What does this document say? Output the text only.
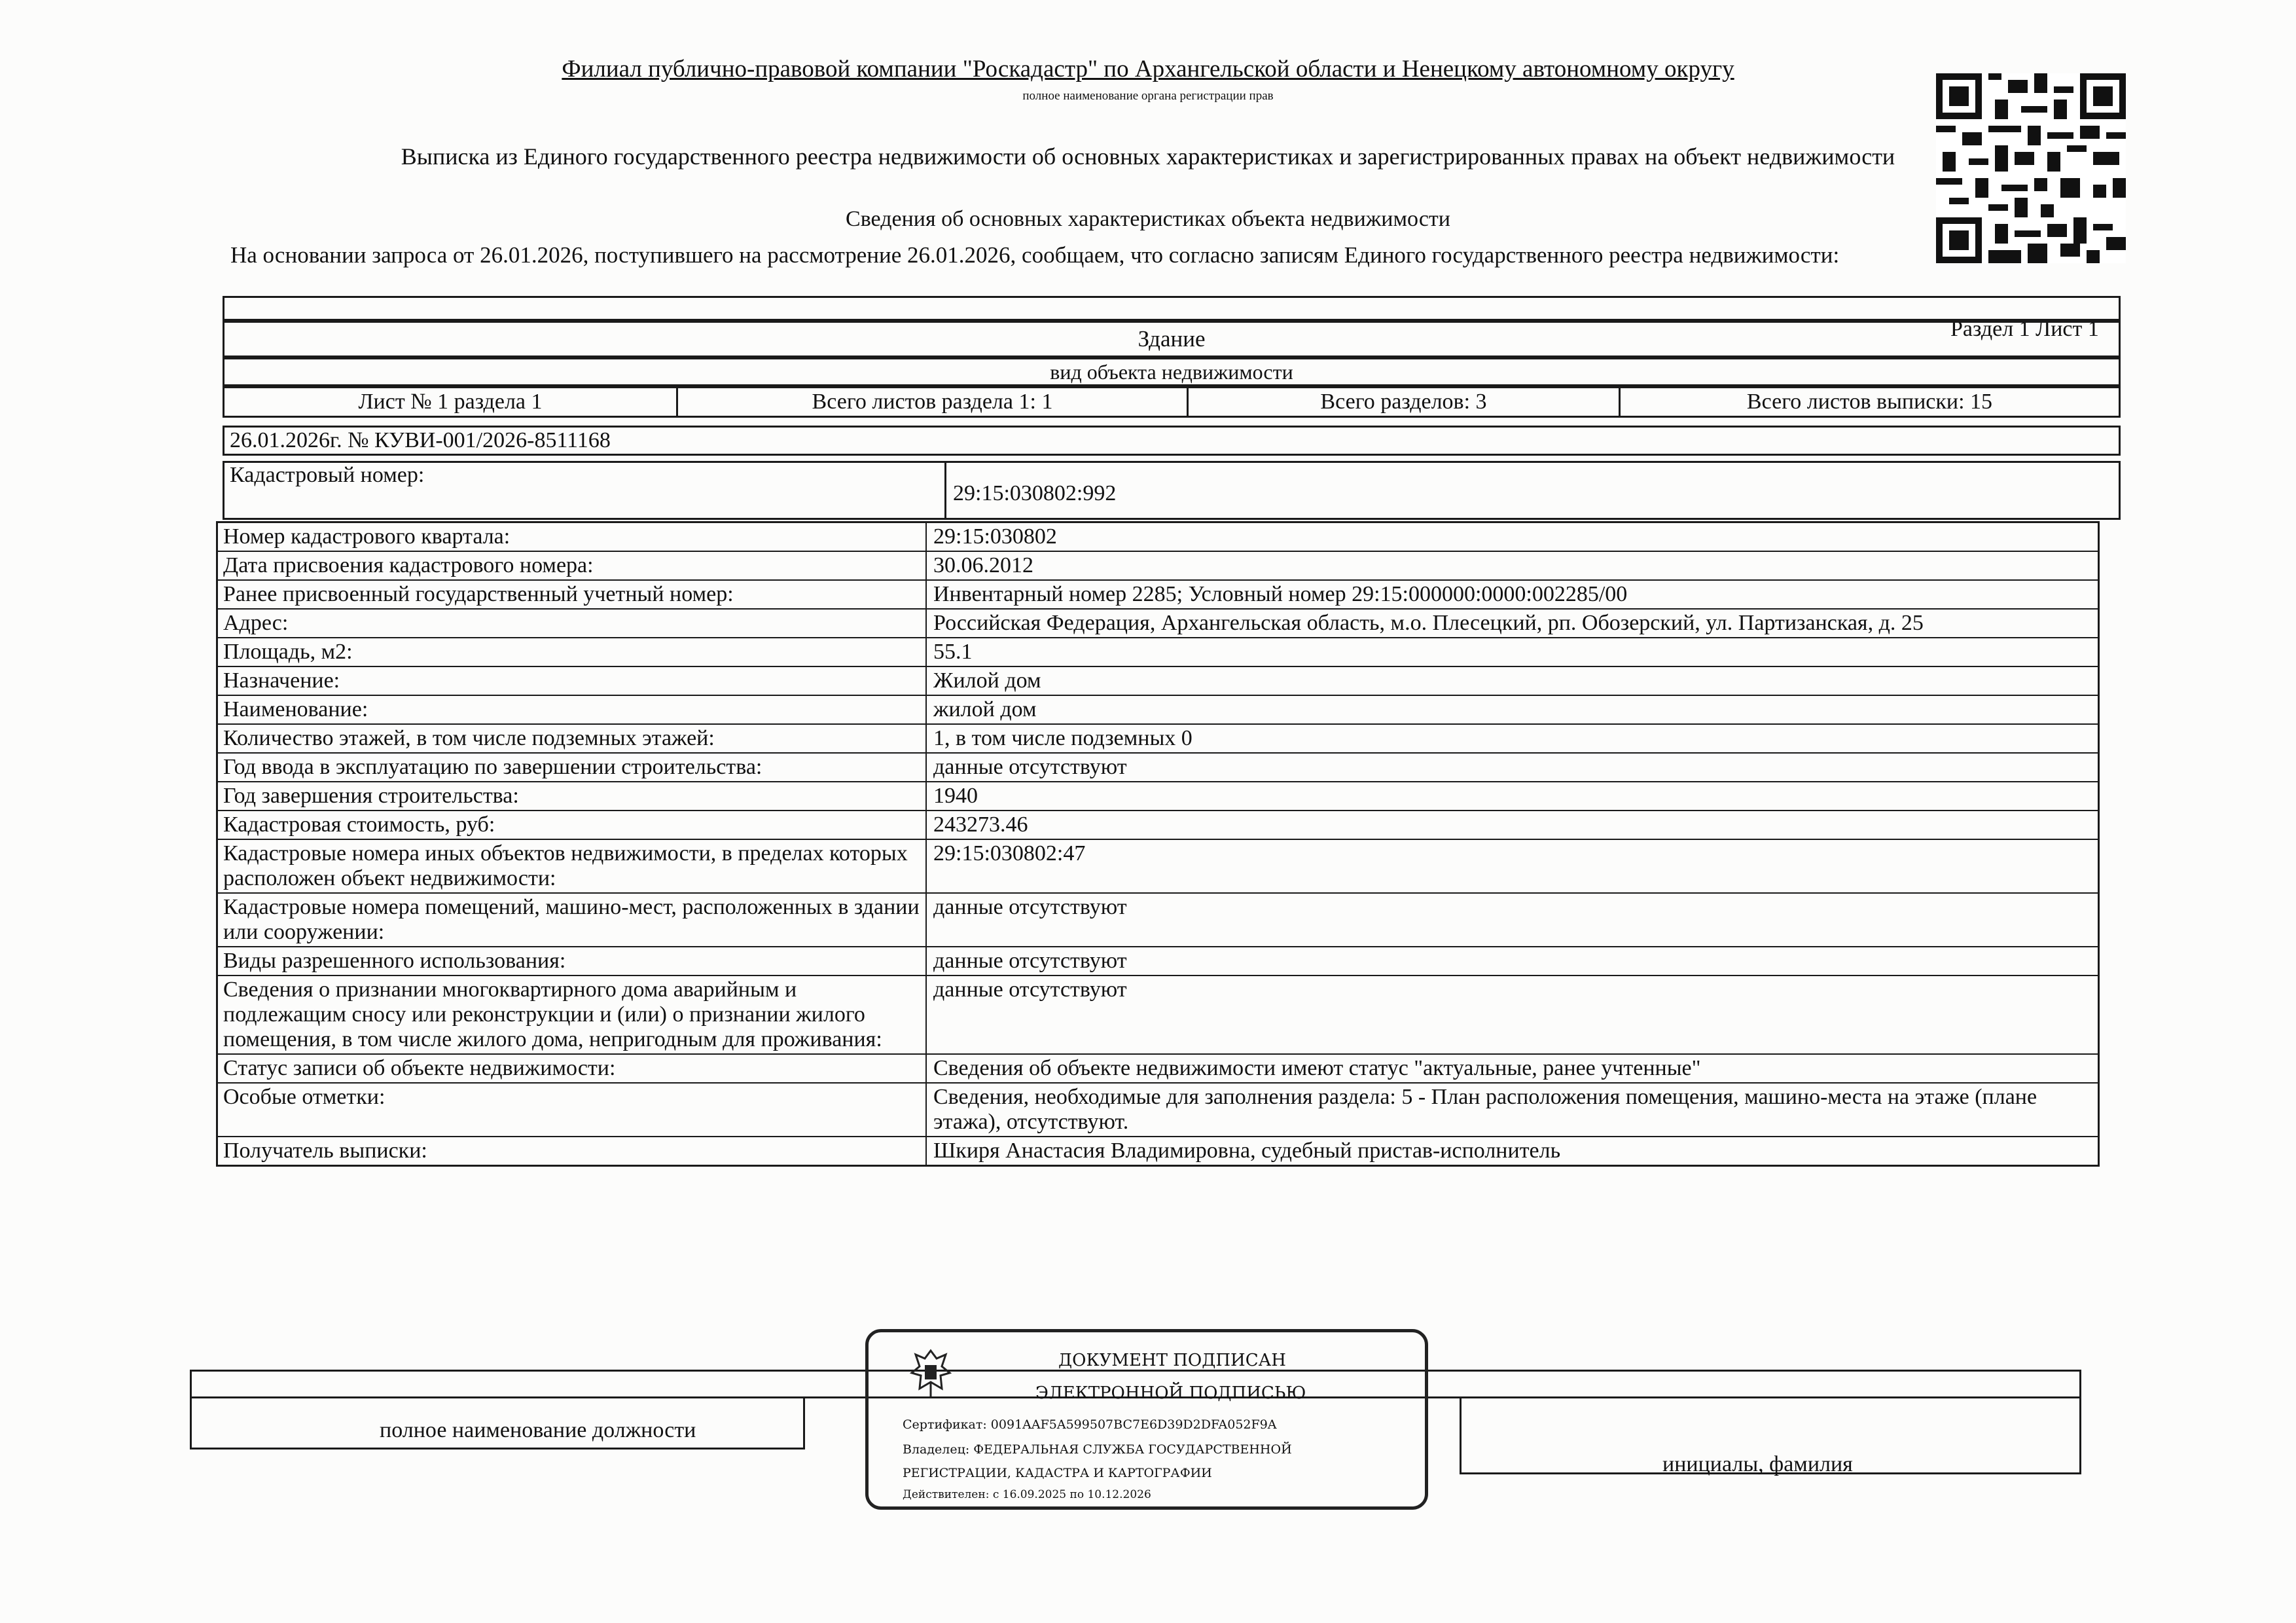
Филиал публично-правовой компании "Роскадастр" по Архангельской области и Ненецкому автономному округу
полное наименование органа регистрации прав
Выписка из Единого государственного реестра недвижимости об основных характеристиках и зарегистрированных правах на объект недвижимости
Сведения об основных характеристиках объекта недвижимости
На основании запроса от 26.01.2026, поступившего на рассмотрение 26.01.2026, сообщаем, что согласно записям Единого государственного реестра недвижимости:
Раздел 1 Лист 1
Здание
вид объекта недвижимости
Лист № 1 раздела 1	Всего листов раздела 1: 1	Всего разделов: 3	Всего листов выписки: 15
26.01.2026г. № КУВИ-001/2026-8511168
Кадастровый номер:
29:15:030802:992
Номер кадастрового квартала:	29:15:030802
Дата присвоения кадастрового номера:	30.06.2012
Ранее присвоенный государственный учетный номер:	Инвентарный номер 2285; Условный номер 29:15:000000:0000:002285/00
Адрес:	Российская Федерация, Архангельская область, м.о. Плесецкий, рп. Обозерский, ул. Партизанская, д. 25
Площадь, м2:	55.1
Назначение:	Жилой дом
Наименование:	жилой дом
Количество этажей, в том числе подземных этажей:	1, в том числе подземных 0
Год ввода в эксплуатацию по завершении строительства:	данные отсутствуют
Год завершения строительства:	1940
Кадастровая стоимость, руб:	243273.46
Кадастровые номера иных объектов недвижимости, в пределах которых расположен объект недвижимости:
29:15:030802:47
Кадастровые номера помещений, машино-мест, расположенных в здании или сооружении:
данные отсутствуют
Виды разрешенного использования:	данные отсутствуют
Сведения о признании многоквартирного дома аварийным и подлежащим сносу или реконструкции и (или) о признании жилого помещения, в том числе жилого дома, непригодным для проживания:
данные отсутствуют
Статус записи об объекте недвижимости:	Сведения об объекте недвижимости имеют статус "актуальные, ранее учтенные"
Особые отметки:	Сведения, необходимые для заполнения раздела: 5 - План расположения помещения, машино-места на этаже (плане этажа), отсутствуют.
Получатель выписки:	Шкиря Анастасия Владимировна, судебный пристав-исполнитель
полное наименование должности
инициалы, фамилия
ДОКУМЕНТ ПОДПИСАН
ЭЛЕКТРОННОЙ ПОДПИСЬЮ
Сертификат: 0091AAF5A599507BC7E6D39D2DFA052F9A
Владелец: ФЕДЕРАЛЬНАЯ СЛУЖБА ГОСУДАРСТВЕННОЙ
РЕГИСТРАЦИИ, КАДАСТРА И КАРТОГРАФИИ
Действителен: с 16.09.2025 по 10.12.2026
